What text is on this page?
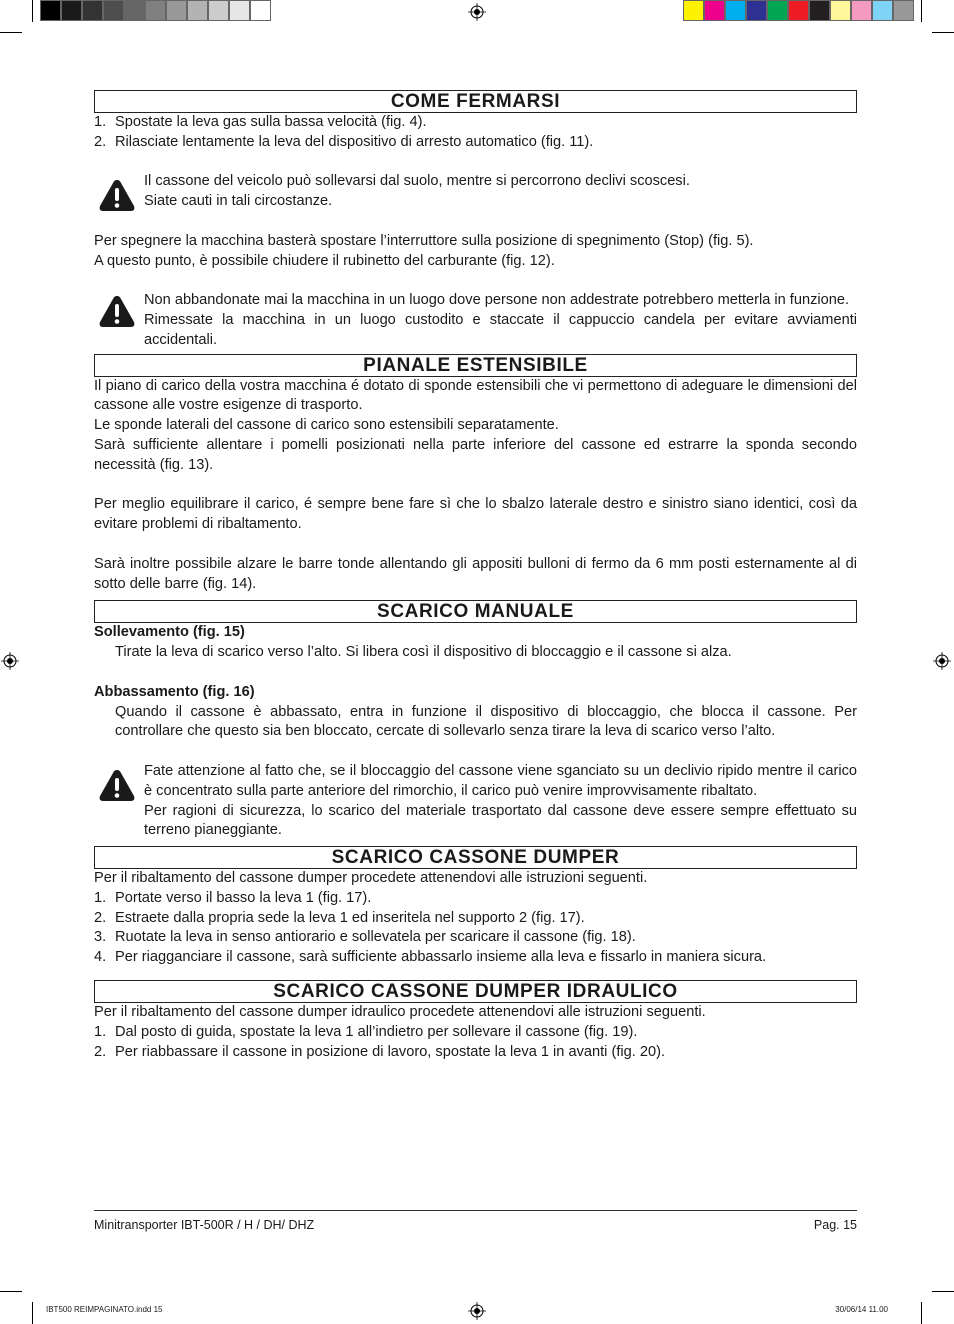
COME FERMARSI
1. Spostate la leva gas sulla bassa velocità (fig. 4).
2. Rilasciate lentamente la leva del dispositivo di arresto automatico (fig. 11).

Il cassone del veicolo può sollevarsi dal suolo, mentre si percorrono declivi scoscesi.

Siate cauti in tali circostanze.

Per spegnere la macchina basterà spostare l’interruttore sulla posizione di spegnimento (Stop) (fig. 5).

A questo punto, è possibile chiudere il rubinetto del carburante (fig. 12).

Non abbandonate mai la macchina in un luogo dove persone non addestrate potrebbero metterla in funzione.

Rimessate la macchina in un luogo custodito e staccate il cappuccio candela per evitare avviamenti accidentali.

PIANALE ESTENSIBILE

Il piano di carico della vostra macchina é dotato di sponde estensibili che vi permettono di adeguare le dimensioni del cassone alle vostre esigenze di trasporto.

Le sponde laterali del cassone di carico sono estensibili separatamente.

Sarà sufficiente allentare i pomelli posizionati nella parte inferiore del cassone ed estrarre la sponda secondo necessità (fig. 13).

Per meglio equilibrare il carico, é sempre bene fare sì che lo sbalzo laterale destro e sinistro siano identici, così da evitare problemi di ribaltamento.

Sarà inoltre possibile alzare le barre tonde allentando gli appositi bulloni di fermo da 6 mm posti esternamente al di sotto delle barre (fig. 14).

SCARICO MANUALE

Sollevamento (fig. 15)

Tirate la leva di scarico verso l’alto. Si libera così il dispositivo di bloccaggio e il cassone si alza.

Abbassamento (fig. 16)

Quando il cassone è abbassato, entra in funzione il dispositivo di bloccaggio, che blocca il cassone. Per controllare che questo sia ben bloccato, cercate di sollevarlo senza tirare la leva di scarico verso l’alto.

Fate attenzione al fatto che, se il bloccaggio del cassone viene sganciato su un declivio ripido mentre il carico è concentrato sulla parte anteriore del rimorchio, il carico può venire improvvisamente ribaltato.

Per ragioni di sicurezza, lo scarico del materiale trasportato dal cassone deve essere sempre effettuato su terreno pianeggiante.

SCARICO CASSONE DUMPER

Per il ribaltamento del cassone dumper procedete attenendovi alle istruzioni seguenti.

1. Portate verso il basso la leva 1 (fig. 17).
2. Estraete dalla propria sede la leva 1 ed inseritela nel supporto 2 (fig. 17).
3. Ruotate la leva in senso antiorario e sollevatela per scaricare il cassone (fig. 18).
4. Per riagganciare il cassone, sarà sufficiente abbassarlo insieme alla leva e fissarlo in maniera sicura.
SCARICO CASSONE DUMPER IDRAULICO

Per il ribaltamento del cassone dumper idraulico procedete attenendovi alle istruzioni seguenti.

1. Dal posto di guida, spostate la leva 1 all’indietro per sollevare il cassone (fig. 19).
2. Per riabbassare il cassone in posizione di lavoro, spostate la leva 1 in avanti (fig. 20).
Minitransporter IBT-500R / H / DH/ DHZ	Pag. 15
IBT500 REIMPAGINATO.indd 15	30/06/14 11.00
